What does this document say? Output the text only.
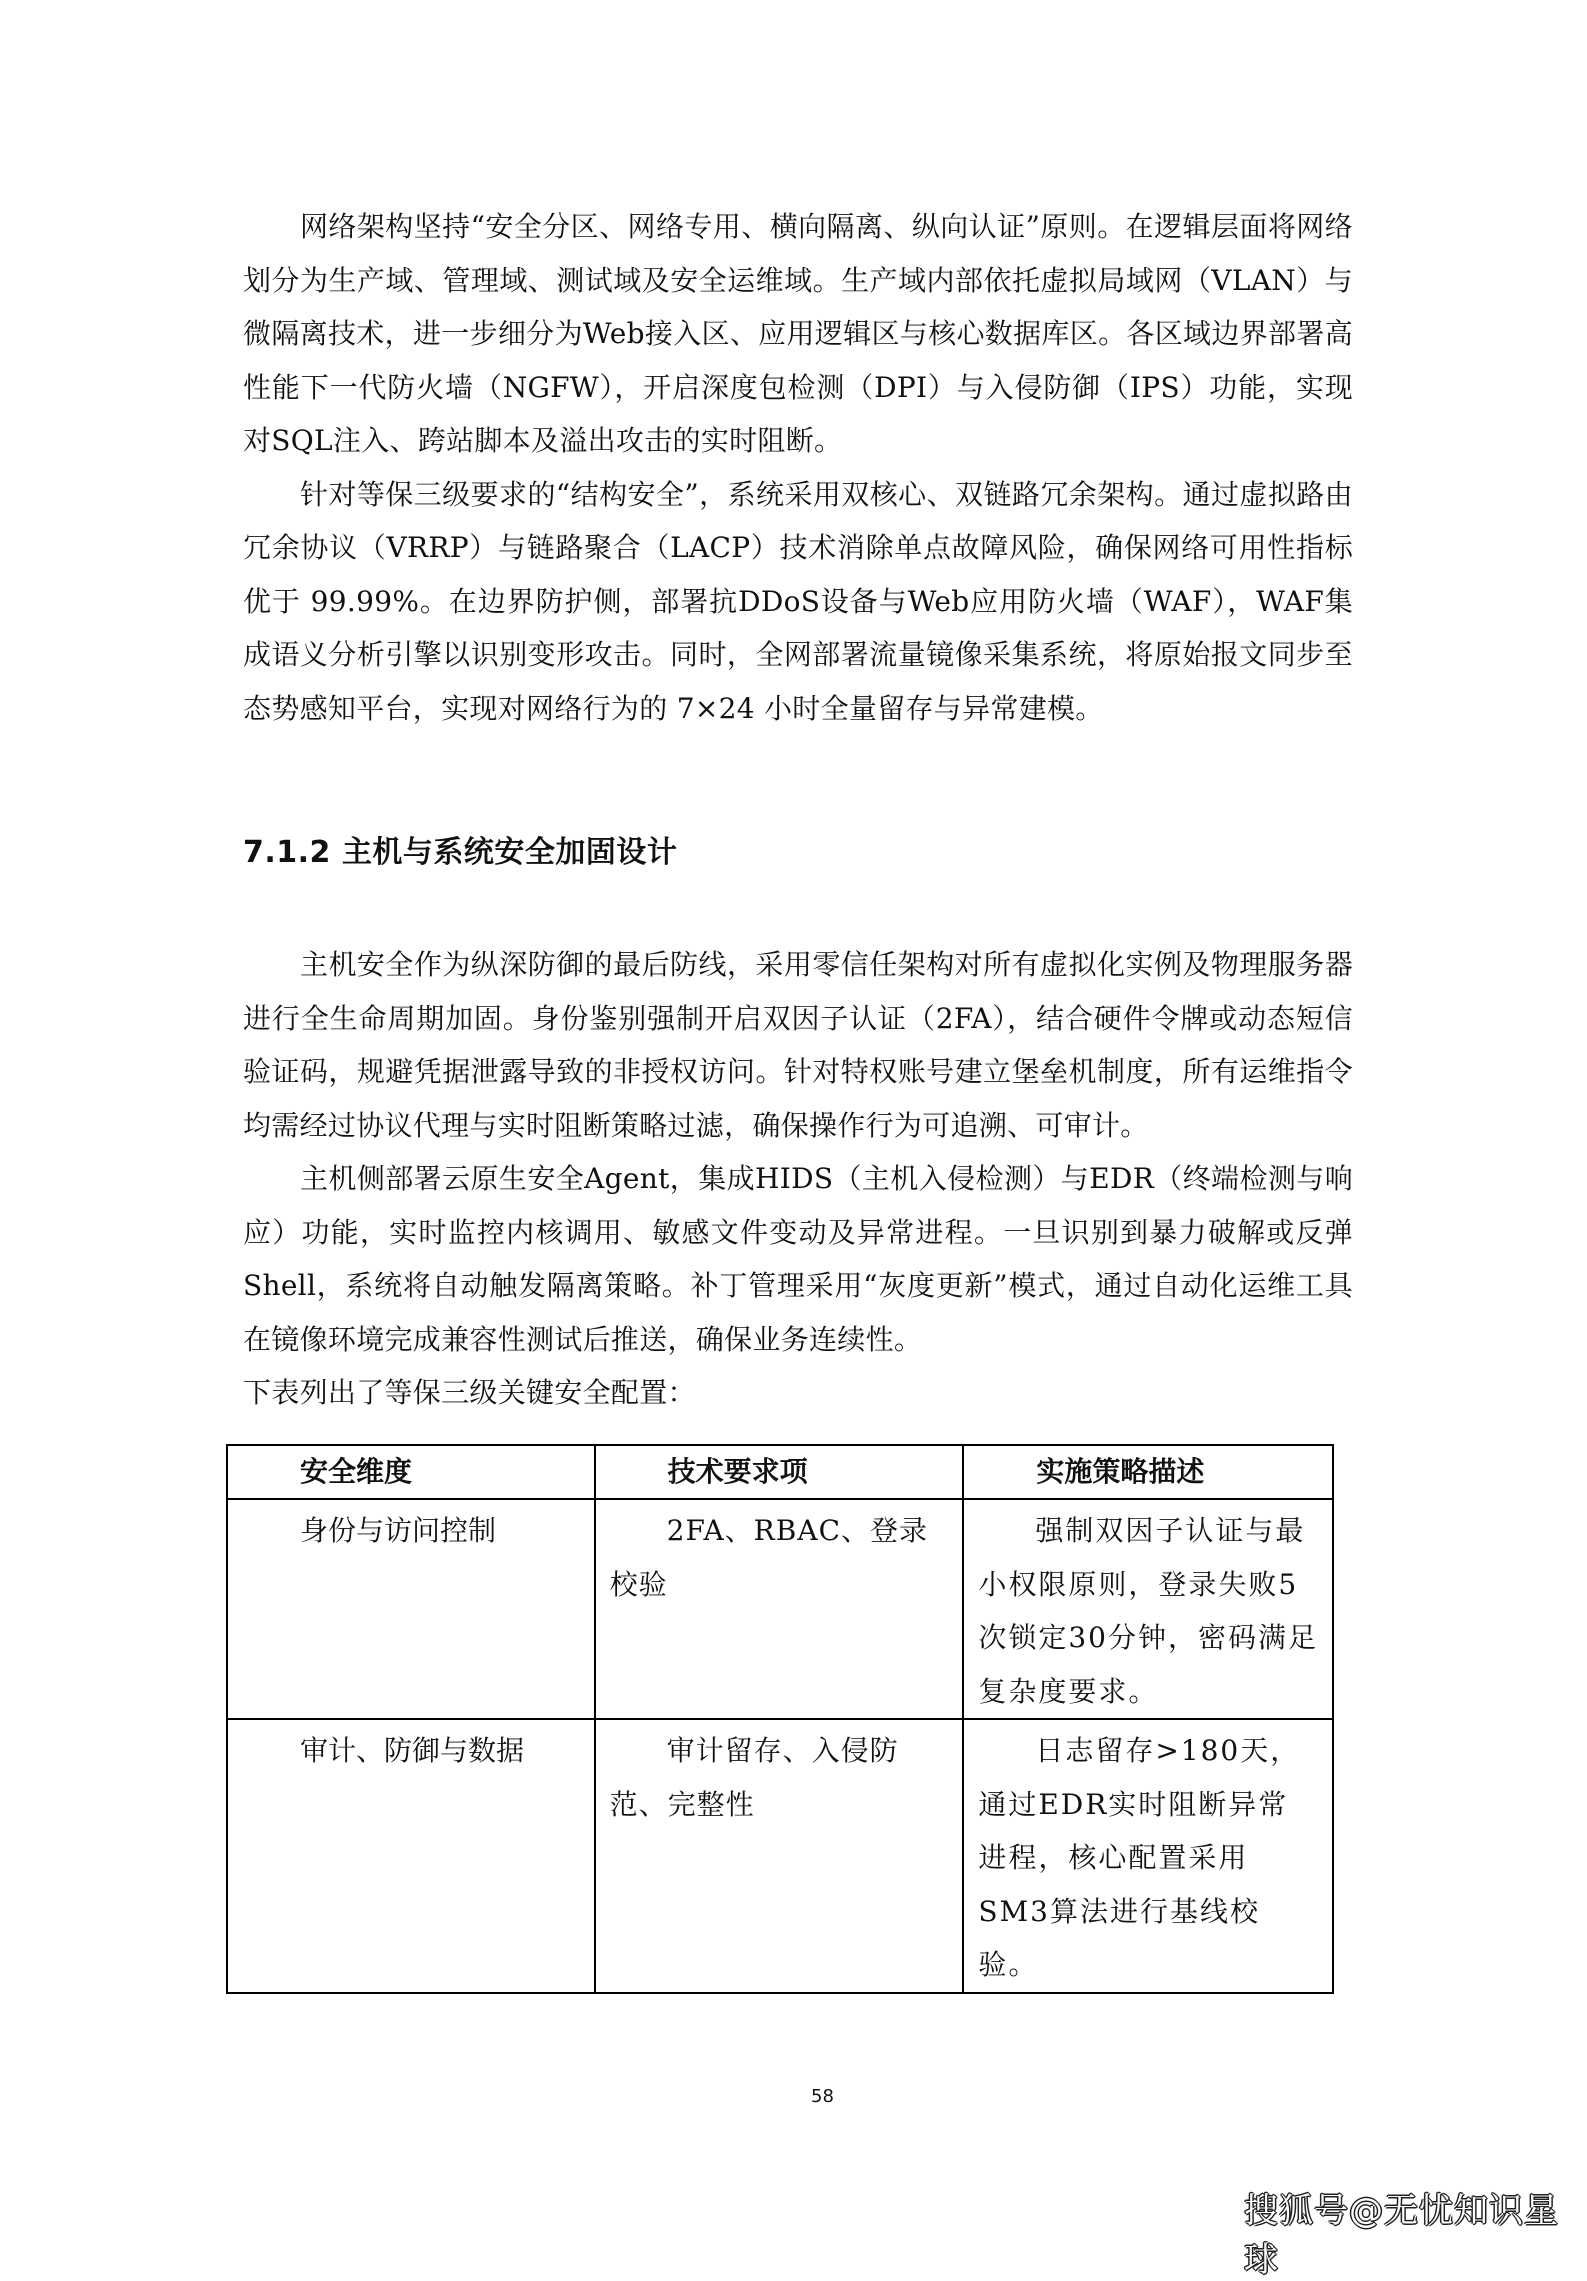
网络架构坚持“安全分区、网络专用、横向隔离、纵向认证”原则。在逻辑层面将网络划分为生产域、管理域、测试域及安全运维域。生产域内部依托虚拟局域网（VLAN）与微隔离技术，进一步细分为Web接入区、应用逻辑区与核心数据库区。各区域边界部署高性能下一代防火墙（NGFW），开启深度包检测（DPI）与入侵防御（IPS）功能，实现对SQL注入、跨站脚本及溢出攻击的实时阻断。

针对等保三级要求的“结构安全”，系统采用双核心、双链路冗余架构。通过虚拟路由冗余协议（VRRP）与链路聚合（LACP）技术消除单点故障风险，确保网络可用性指标优于 99.99%。在边界防护侧，部署抗DDoS设备与Web应用防火墙（WAF），WAF集成语义分析引擎以识别变形攻击。同时，全网部署流量镜像采集系统，将原始报文同步至态势感知平台，实现对网络行为的 7×24 小时全量留存与异常建模。

7.1.2 主机与系统安全加固设计

主机安全作为纵深防御的最后防线，采用零信任架构对所有虚拟化实例及物理服务器进行全生命周期加固。身份鉴别强制开启双因子认证（2FA），结合硬件令牌或动态短信验证码，规避凭据泄露导致的非授权访问。针对特权账号建立堡垒机制度，所有运维指令均需经过协议代理与实时阻断策略过滤，确保操作行为可追溯、可审计。

主机侧部署云原生安全Agent，集成HIDS（主机入侵检测）与EDR（终端检测与响应）功能，实时监控内核调用、敏感文件变动及异常进程。一旦识别到暴力破解或反弹Shell，系统将自动触发隔离策略。补丁管理采用“灰度更新”模式，通过自动化运维工具在镜像环境完成兼容性测试后推送，确保业务连续性。

下表列出了等保三级关键安全配置：

安全维度	技术要求项	实施策略描述

身份与访问控制	2FA、RBAC、登录校验	强制双因子认证与最小权限原则，登录失败5次锁定30分钟，密码满足复杂度要求。

审计、防御与数据	审计留存、入侵防范、完整性	日志留存>180天，通过EDR实时阻断异常进程，核心配置采用SM3算法进行基线校验。
58
搜狐号@无忧知识星球
